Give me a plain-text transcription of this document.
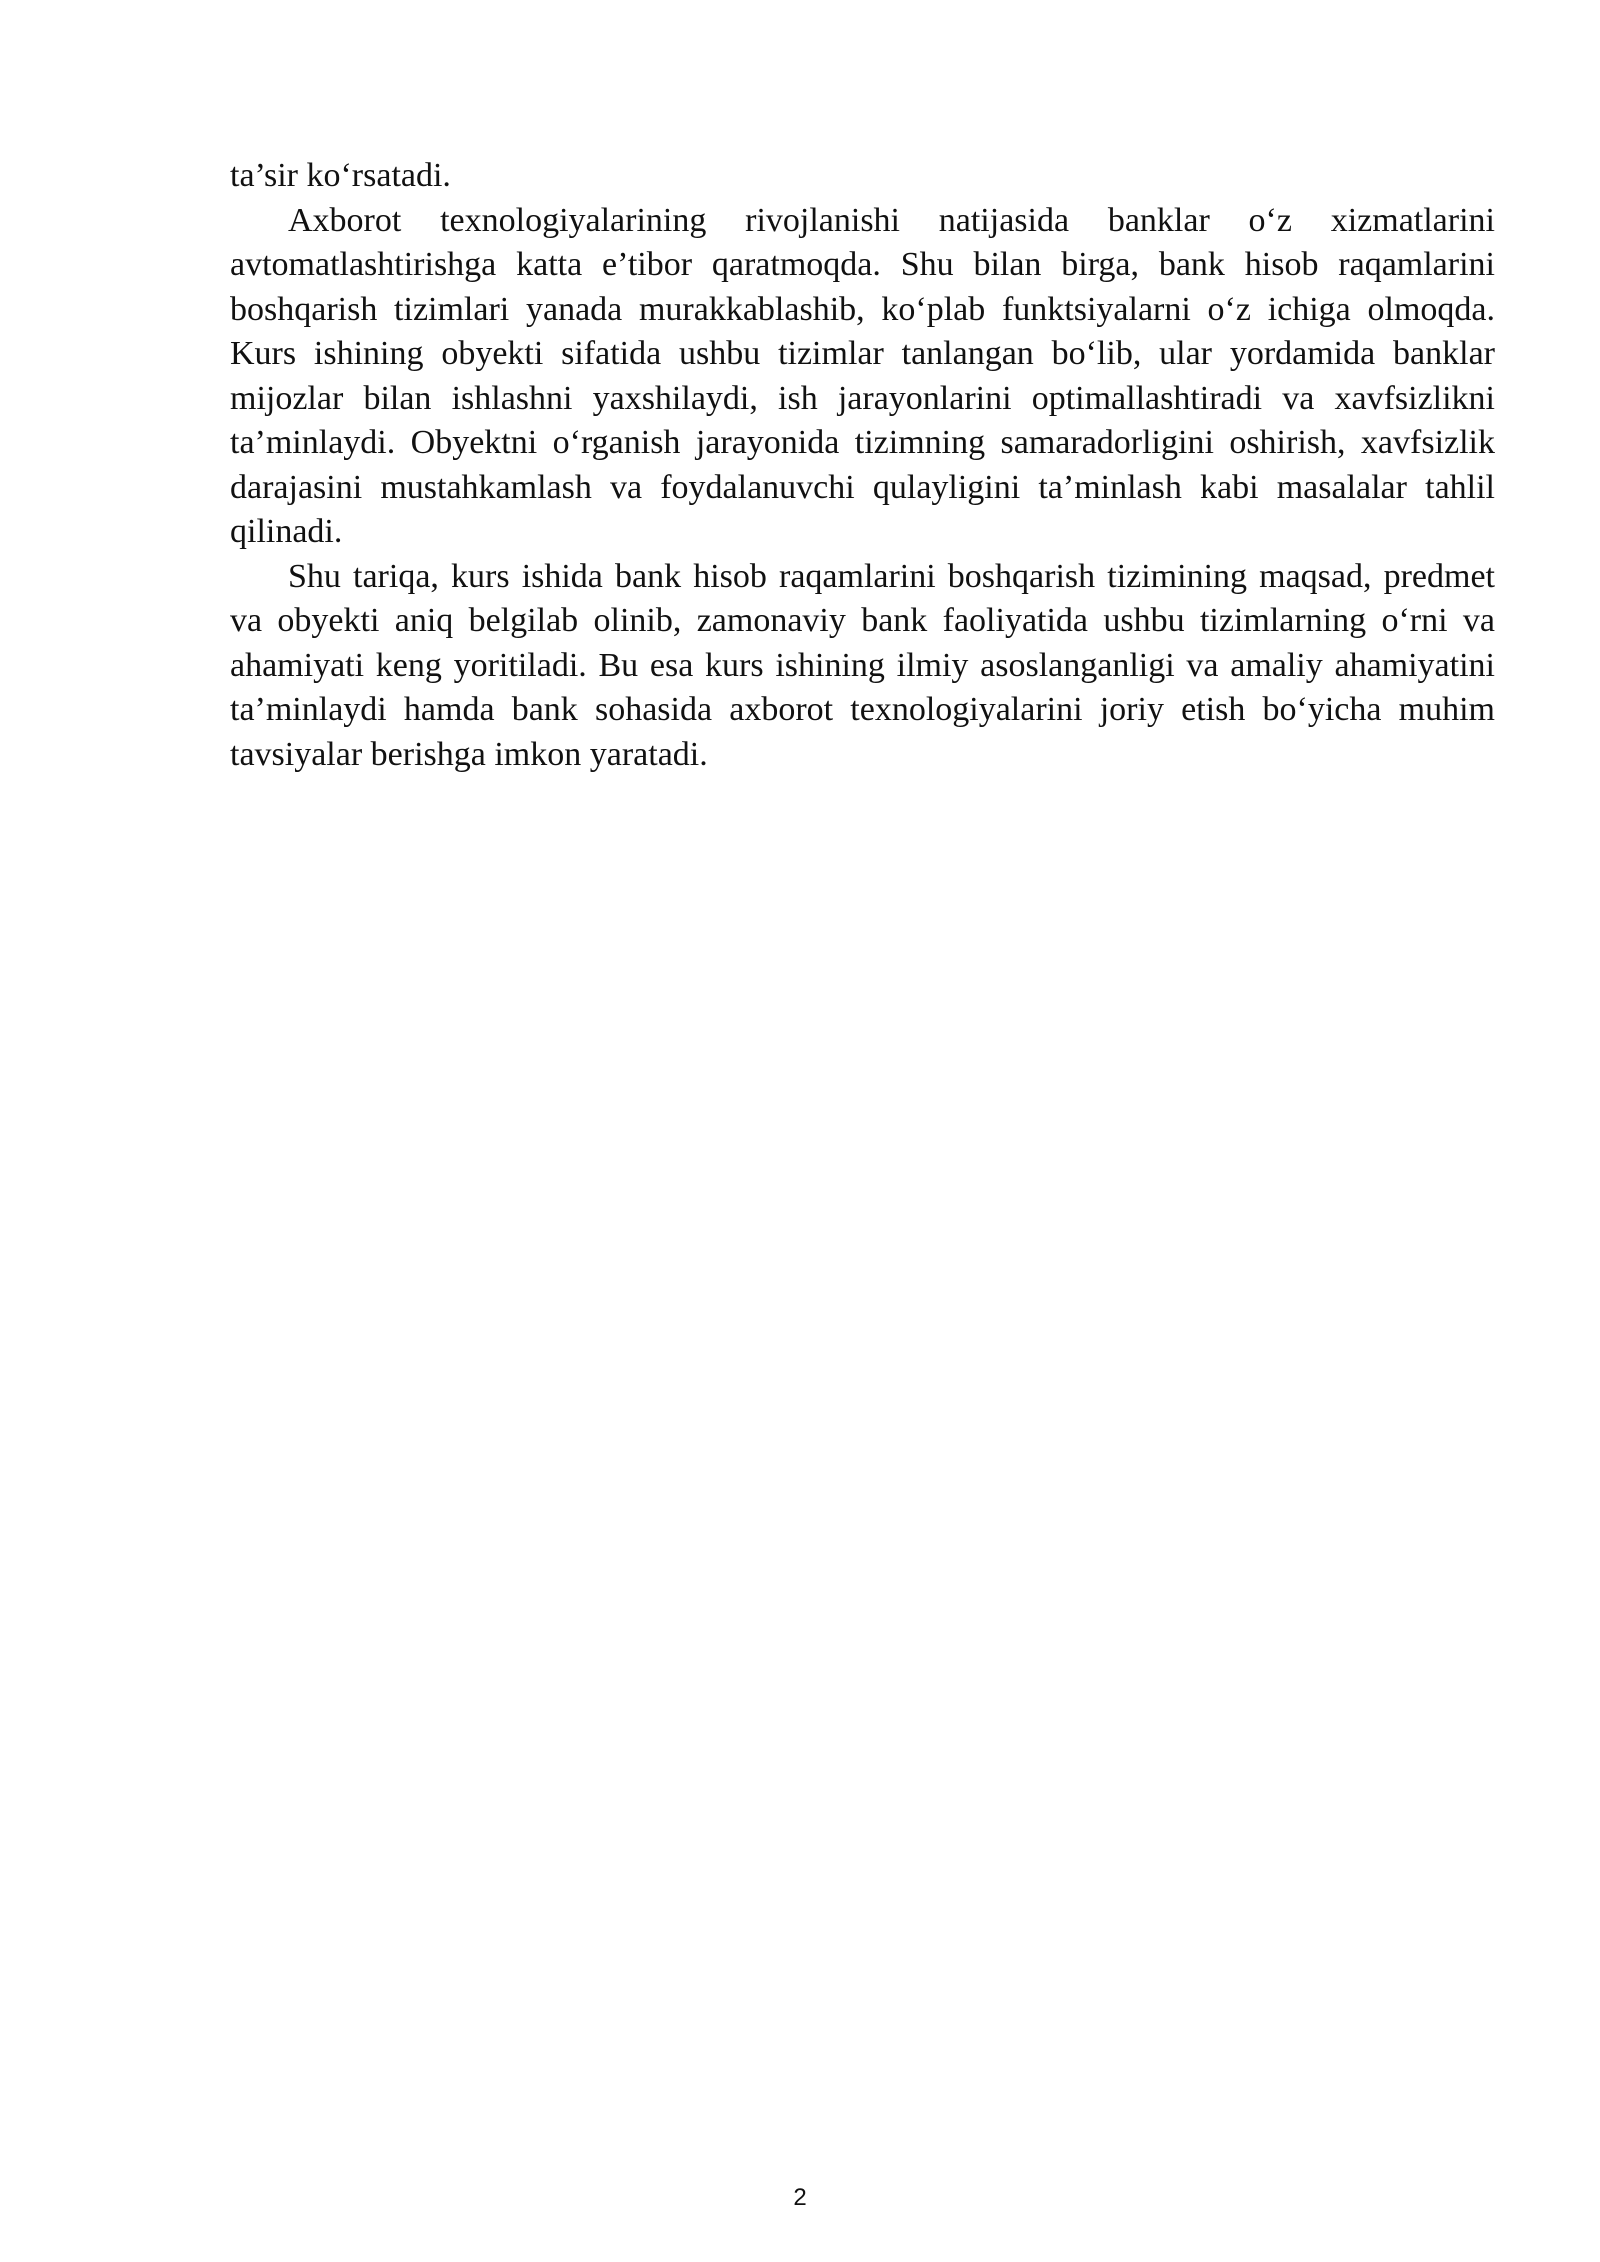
ta’sir ko‘rsatadi.

Axborot texnologiyalarining rivojlanishi natijasida banklar o‘z xizmatlarini avtomatlashtirishga katta e’tibor qaratmoqda. Shu bilan birga, bank hisob raqamlarini boshqarish tizimlari yanada murakkablashib, ko‘plab funktsiyalarni o‘z ichiga olmoqda. Kurs ishining obyekti sifatida ushbu tizimlar tanlangan bo‘lib, ular yordamida banklar mijozlar bilan ishlashni yaxshilaydi, ish jarayonlarini optimallashtiradi va xavfsizlikni ta’minlaydi. Obyektni o‘rganish jarayonida tizimning samaradorligini oshirish, xavfsizlik darajasini mustahkamlash va foydalanuvchi qulayligini ta’minlash kabi masalalar tahlil qilinadi.

Shu tariqa, kurs ishida bank hisob raqamlarini boshqarish tizimining maqsad, predmet va obyekti aniq belgilab olinib, zamonaviy bank faoliyatida ushbu tizimlarning o‘rni va ahamiyati keng yoritiladi. Bu esa kurs ishining ilmiy asoslanganligi va amaliy ahamiyatini ta’minlaydi hamda bank sohasida axborot texnologiyalarini joriy etish bo‘yicha muhim tavsiyalar berishga imkon yaratadi.

2
